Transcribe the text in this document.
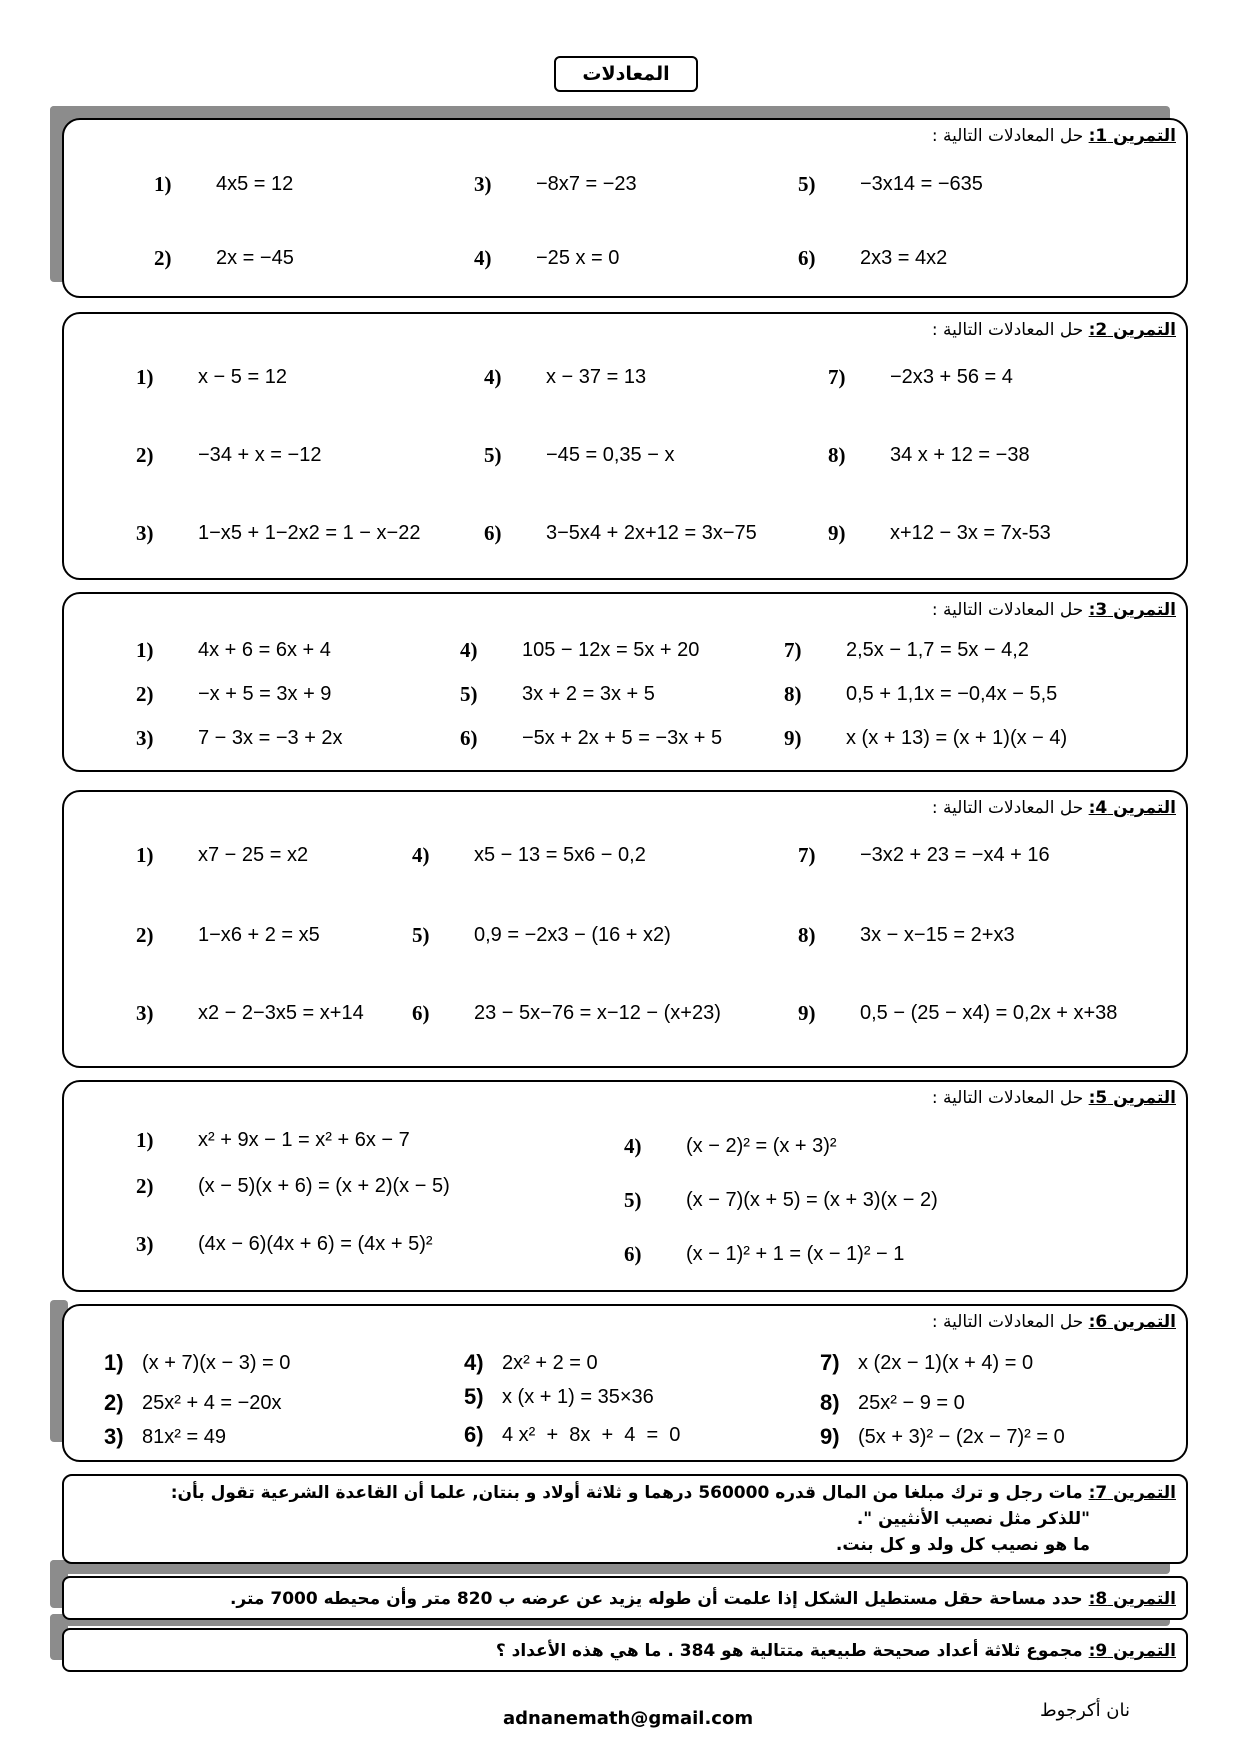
المعادلات
التمرين 1: حل المعادلات التالية :
1)	4x5 = 12
2)	2x = −45
3)	−8x7 = −23
4)	−25 x = 0
5)	−3x14 = −635
6)	2x3 = 4x2
التمرين 2: حل المعادلات التالية :
1)	x − 5 = 12
2)	−34 + x = −12
3)	1−x5 + 1−2x2 = 1 − x−22
4)	x − 37 = 13
5)	−45 = 0,35 − x
6)	3−5x4 + 2x+12 = 3x−75
7)	−2x3 + 56 = 4
8)	34 x + 12 = −38
9)	x+12 − 3x = 7x-53
التمرين 3: حل المعادلات التالية :
1)	4x + 6 = 6x + 4
2)	−x + 5 = 3x + 9
3)	7 − 3x = −3 + 2x
4)	105 − 12x = 5x + 20
5)	3x + 2 = 3x + 5
6)	−5x + 2x + 5 = −3x + 5
7)	2,5x − 1,7 = 5x − 4,2
8)	0,5 + 1,1x = −0,4x − 5,5
9)	x (x + 13) = (x + 1)(x − 4)
التمرين 4: حل المعادلات التالية :
1)	x7 − 25 = x2
2)	1−x6 + 2 = x5
3)	x2 − 2−3x5 = x+14
4)	x5 − 13 = 5x6 − 0,2
5)	0,9 = −2x3 − (16 + x2)
6)	23 − 5x−76 = x−12 − (x+23)
7)	−3x2 + 23 = −x4 + 16
8)	3x − x−15 = 2+x3
9)	0,5 − ( 25 − x4) = 0,2x + x+38
التمرين 5: حل المعادلات التالية :
1)	x² + 9x − 1 = x² + 6x − 7
2)	(x − 5)(x + 6) = (x + 2)(x − 5)
3)	(4x − 6)(4x + 6) = (4x + 5)²
4)	(x − 2)² = (x + 3)²
5)	(x − 7)(x + 5) = (x + 3)(x − 2)
6)	(x − 1)² + 1 = (x − 1)² − 1
التمرين 6: حل المعادلات التالية :
1) (x + 7)(x − 3) = 0
2) 25x² + 4 = −20x
3) 81x² = 49
4) 2x² + 2 = 0
5) x (x + 1) = 35×36
6) 4 x²  +  8x  +  4  =  0
7) x (2x − 1)(x + 4) = 0
8) 25x² − 9 = 0
9) (5x + 3)² − (2x − 7)² = 0
التمرين 7: مات رجل و ترك مبلغا من المال قدره 560000 درهما و ثلاثة أولاد و بنتان, علما أن القاعدة الشرعية تقول بأن:
"للذكر مثل نصيب الأنثيين ".
ما هو نصيب كل ولد و كل بنت.
التمرين 8: حدد مساحة حقل مستطيل الشكل إذا علمت أن طوله يزيد عن عرضه ب 820 متر وأن محيطه 7000 متر.
التمرين 9: مجموع ثلاثة أعداد صحيحة طبيعية متتالية هو 384 . ما هي هذه الأعداد ؟
adnanemath@gmail.com	نان أكرجوط
